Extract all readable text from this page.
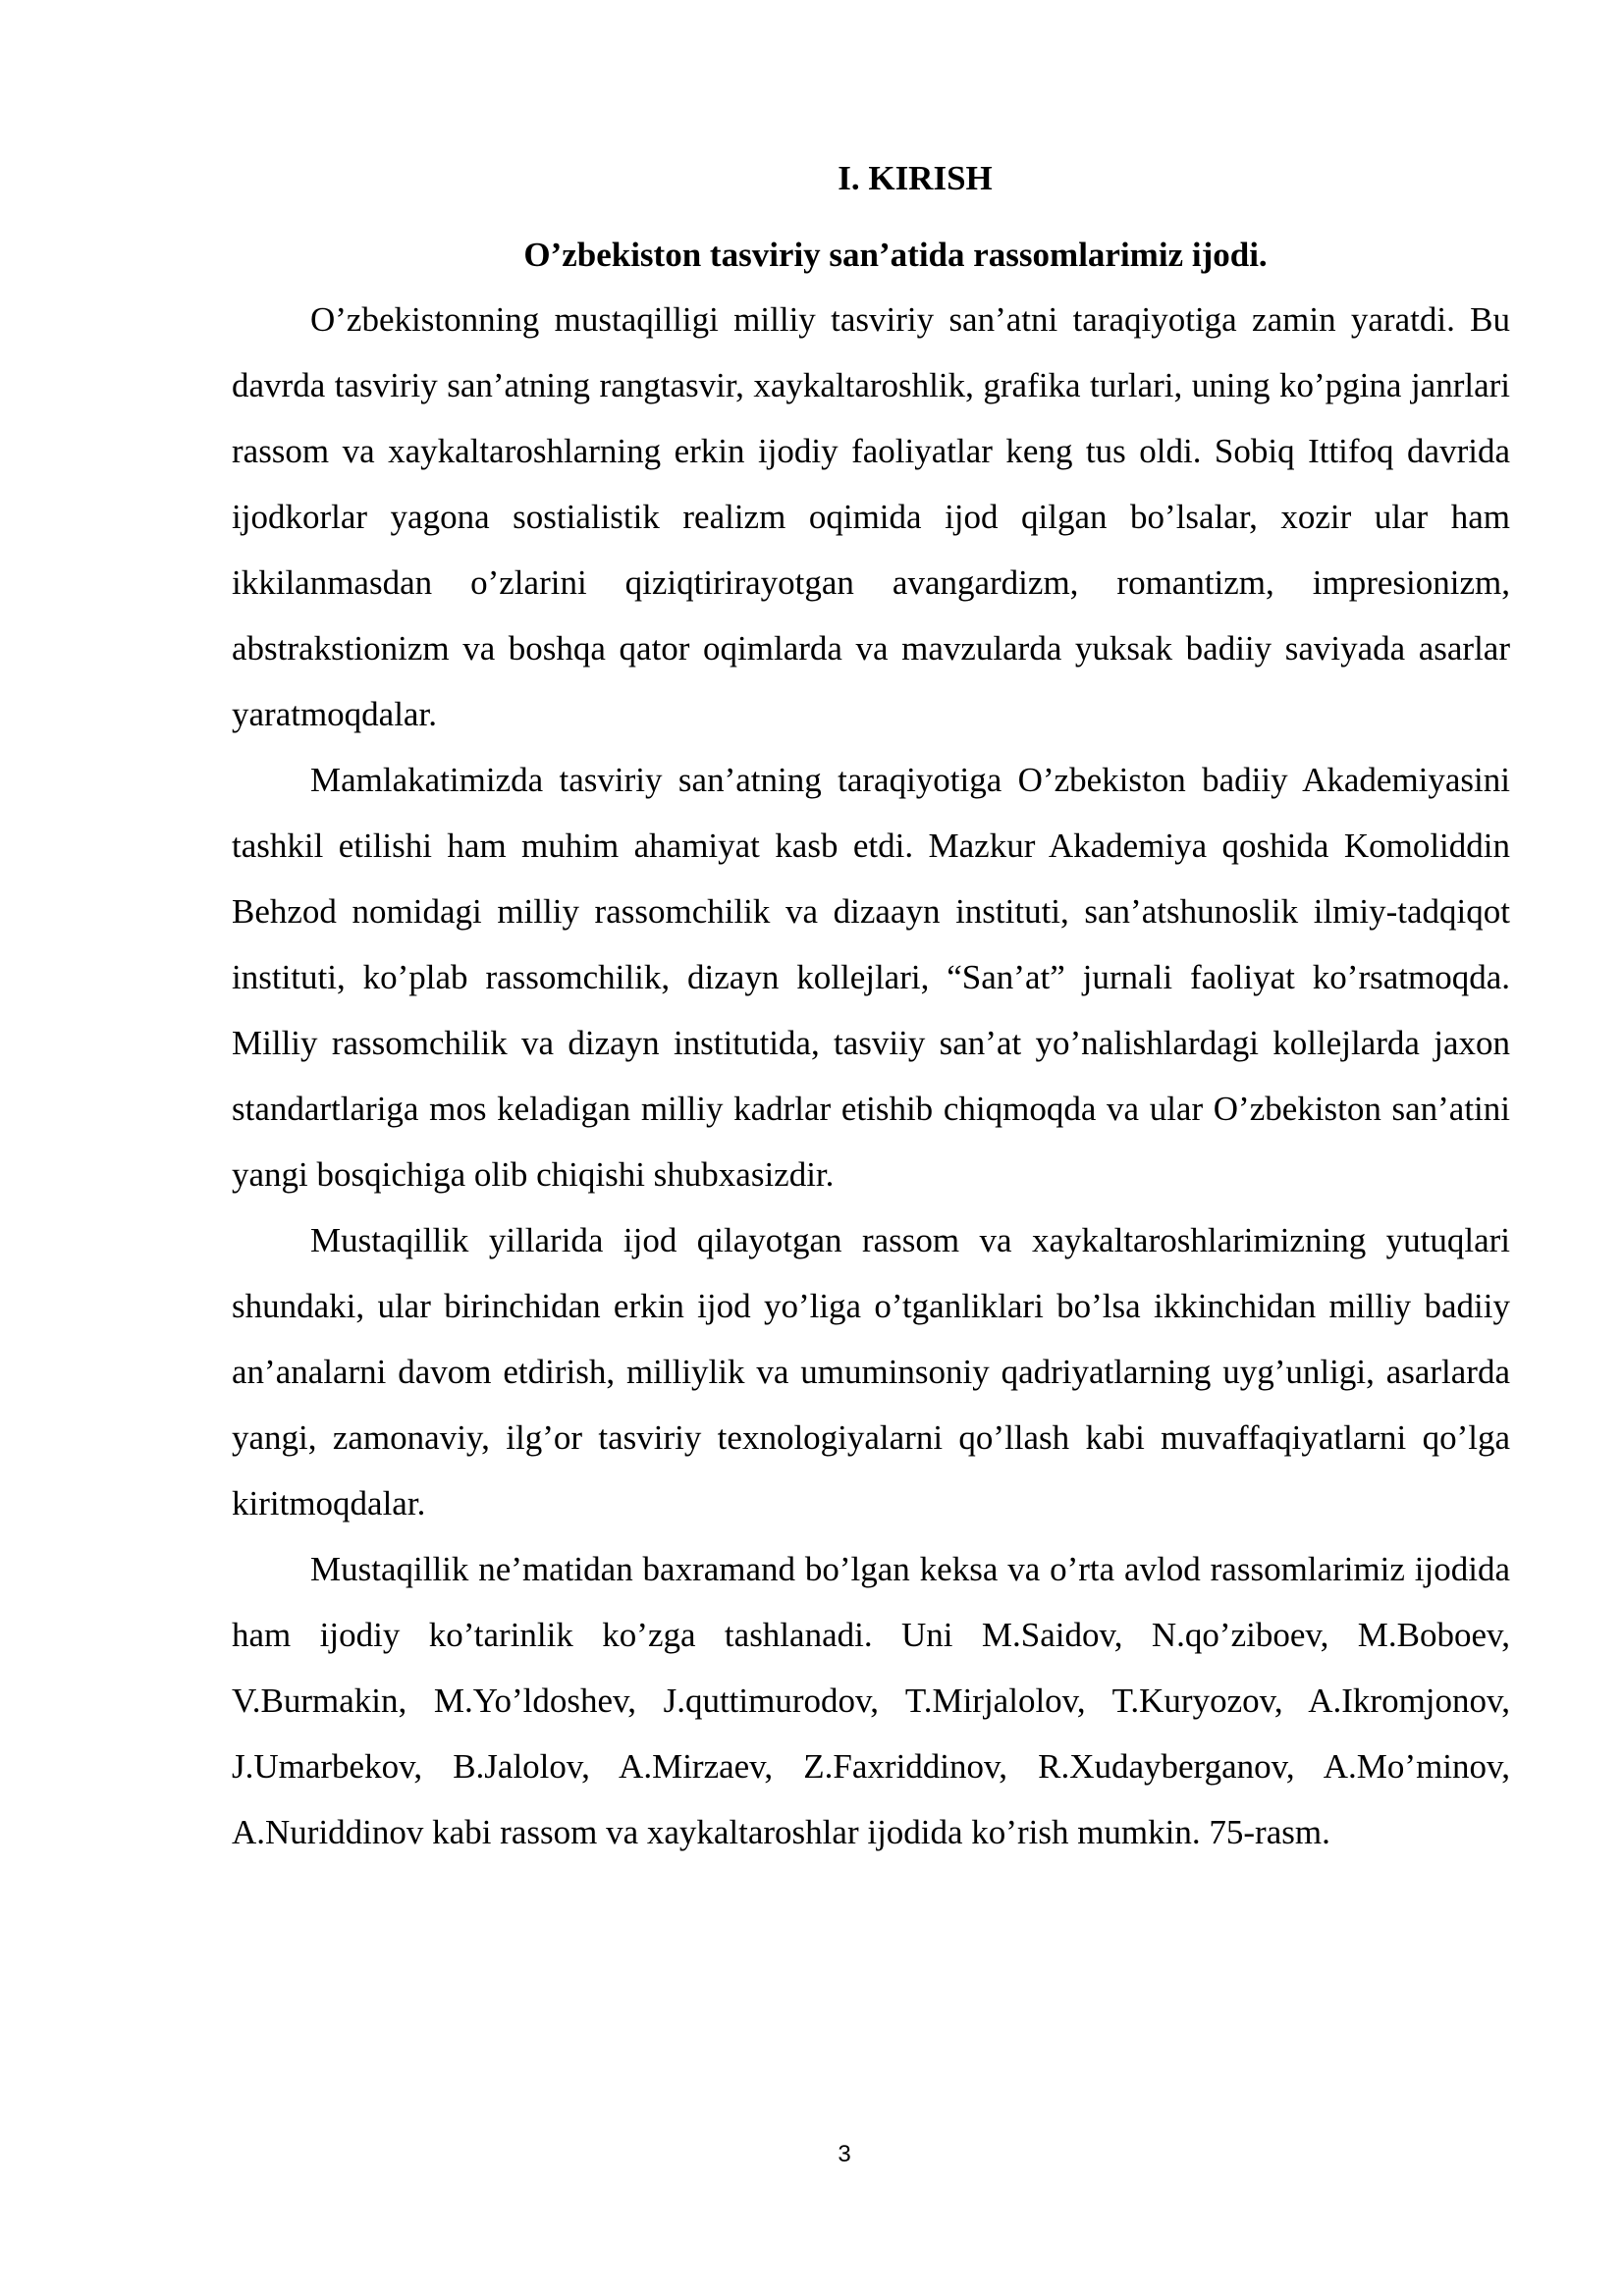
I. KIRISH
O’zbekiston tasviriy san’atida rassomlarimiz ijodi.

O’zbekistonning mustaqilligi milliy tasviriy san’atni taraqiyotiga zamin yaratdi. Bu davrda tasviriy san’atning rangtasvir, xaykaltaroshlik, grafika turlari, uning ko’pgina janrlari rassom va xaykaltaroshlarning erkin ijodiy faoliyatlar keng tus oldi. Sobiq Ittifoq davrida ijodkorlar yagona sostialistik realizm oqimida ijod qilgan bo’lsalar, xozir ular ham ikkilanmasdan o’zlarini qiziqtirirayotgan avangardizm, romantizm, impresionizm, abstrakstionizm va boshqa qator oqimlarda va mavzularda yuksak badiiy saviyada asarlar yaratmoqdalar.

Mamlakatimizda tasviriy san’atning taraqiyotiga O’zbekiston badiiy Akademiyasini tashkil etilishi ham muhim ahamiyat kasb etdi. Mazkur Akademiya qoshida Komoliddin Behzod nomidagi milliy rassomchilik va dizaayn instituti, san’atshunoslik ilmiy-tadqiqot instituti, ko’plab rassomchilik, dizayn kollejlari, “San’at” jurnali faoliyat ko’rsatmoqda. Milliy rassomchilik va dizayn institutida, tasviiy san’at yo’nalishlardagi kollejlarda jaxon standartlariga mos keladigan milliy kadrlar etishib chiqmoqda va ular O’zbekiston san’atini yangi bosqichiga olib chiqishi shubxasizdir.

Mustaqillik yillarida ijod qilayotgan rassom va xaykaltaroshlarimizning yutuqlari shundaki, ular birinchidan erkin ijod yo’liga o’tganliklari bo’lsa ikkinchidan milliy badiiy an’analarni davom etdirish, milliylik va umuminsoniy qadriyatlarning uyg’unligi, asarlarda yangi, zamonaviy, ilg’or tasviriy texnologiyalarni qo’llash kabi muvaffaqiyatlarni qo’lga kiritmoqdalar.

Mustaqillik ne’matidan baxramand bo’lgan keksa va o’rta avlod rassomlarimiz ijodida ham ijodiy ko’tarinlik ko’zga tashlanadi. Uni M.Saidov, N.qo’ziboev, M.Boboev, V.Burmakin, M.Yo’ldoshev, J.quttimurodov, T.Mirjalolov, T.Kuryozov, A.Ikromjonov, J.Umarbekov, B.Jalolov, A.Mirzaev, Z.Faxriddinov, R.Xudayberganov, A.Mo’minov, A.Nuriddinov kabi rassom va xaykaltaroshlar ijodida ko’rish mumkin. 75-rasm.

3
